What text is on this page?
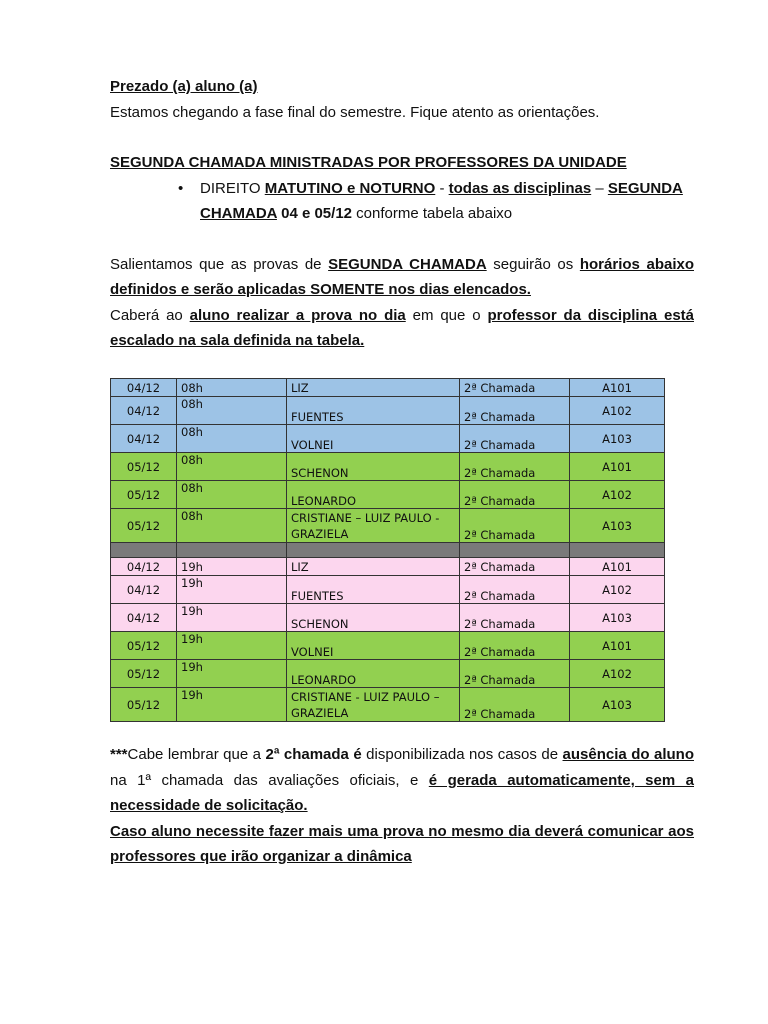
Prezado (a) aluno (a)

Estamos chegando a fase final do semestre. Fique atento as orientações.

SEGUNDA CHAMADA MINISTRADAS POR PROFESSORES DA UNIDADE

• DIREITO MATUTINO e NOTURNO - todas as disciplinas – SEGUNDA CHAMADA 04 e 05/12 conforme tabela abaixo

Salientamos que as provas de SEGUNDA CHAMADA seguirão os horários abaixo definidos e serão aplicadas SOMENTE nos dias elencados.

Caberá ao aluno realizar a prova no dia em que o professor da disciplina está escalado na sala definida na tabela.

04/12	08h	LIZ	2ª Chamada	A101
04/12	08h	FUENTES	2ª Chamada	A102
04/12	08h	VOLNEI	2ª Chamada	A103
05/12	08h	SCHENON	2ª Chamada	A101
05/12	08h	LEONARDO	2ª Chamada	A102
05/12	08h	CRISTIANE – LUIZ PAULO - GRAZIELA	2ª Chamada	A103

04/12	19h	LIZ	2ª Chamada	A101
04/12	19h	FUENTES	2ª Chamada	A102
04/12	19h	SCHENON	2ª Chamada	A103
05/12	19h	VOLNEI	2ª Chamada	A101
05/12	19h	LEONARDO	2ª Chamada	A102
05/12	19h	CRISTIANE - LUIZ PAULO – GRAZIELA	2ª Chamada	A103

***Cabe lembrar que a 2ª chamada é disponibilizada nos casos de ausência do aluno na 1ª chamada das avaliações oficiais, e é gerada automaticamente, sem a necessidade de solicitação.

Caso aluno necessite fazer mais uma prova no mesmo dia deverá comunicar aos professores que irão organizar a dinâmica
